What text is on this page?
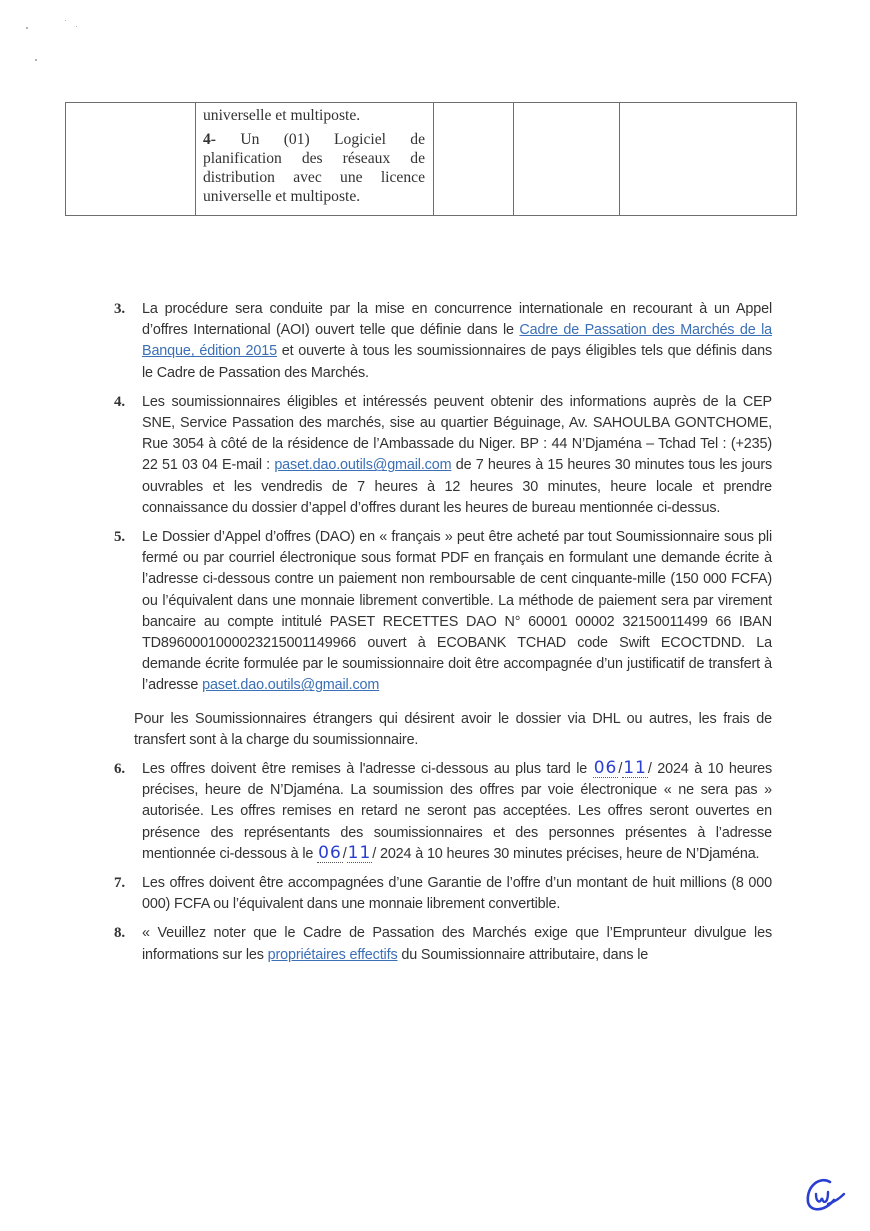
universelle et multiposte.

4- Un (01) Logiciel de planification des réseaux de distribution avec une licence universelle et multiposte.

3. La procédure sera conduite par la mise en concurrence internationale en recourant à un Appel d’offres International (AOI) ouvert telle que définie dans le Cadre de Passation des Marchés de la Banque, édition 2015 et ouverte à tous les soumissionnaires de pays éligibles tels que définis dans le Cadre de Passation des Marchés.
4. Les soumissionnaires éligibles et intéressés peuvent obtenir des informations auprès de la CEP SNE, Service Passation des marchés, sise au quartier Béguinage, Av. SAHOULBA GONTCHOME, Rue 3054 à côté de la résidence de l’Ambassade du Niger. BP : 44 N’Djaména – Tchad Tel : (+235) 22 51 03 04 E-mail : paset.dao.outils@gmail.com de 7 heures à 15 heures 30 minutes tous les jours ouvrables et les vendredis de 7 heures à 12 heures 30 minutes, heure locale et prendre connaissance du dossier d’appel d’offres durant les heures de bureau mentionnée ci-dessus.
5. Le Dossier d’Appel d’offres (DAO) en « français » peut être acheté par tout Soumissionnaire sous pli fermé ou par courriel électronique sous format PDF en français en formulant une demande écrite à l’adresse ci-dessous contre un paiement non remboursable de cent cinquante-mille (150 000 FCFA) ou l’équivalent dans une monnaie librement convertible. La méthode de paiement sera par virement bancaire au compte intitulé PASET RECETTES DAO N° 60001 00002 32150011499 66 IBAN TD8960001000023215001149966 ouvert à ECOBANK TCHAD code Swift ECOCTDND. La demande écrite formulée par le soumissionnaire doit être accompagnée d’un justificatif de transfert à l’adresse paset.dao.outils@gmail.com
Pour les Soumissionnaires étrangers qui désirent avoir le dossier via DHL ou autres, les frais de transfert sont à la charge du soumissionnaire.
6. Les offres doivent être remises à l'adresse ci-dessous au plus tard le 06/11/ 2024 à 10 heures précises, heure de N’Djaména. La soumission des offres par voie électronique « ne sera pas » autorisée. Les offres remises en retard ne seront pas acceptées. Les offres seront ouvertes en présence des représentants des soumissionnaires et des personnes présentes à l’adresse mentionnée ci-dessous à le 06/11/ 2024 à 10 heures 30 minutes précises, heure de N’Djaména.
7. Les offres doivent être accompagnées d’une Garantie de l’offre d’un montant de huit millions (8 000 000) FCFA ou l’équivalent dans une monnaie librement convertible.
8. « Veuillez noter que le Cadre de Passation des Marchés exige que l’Emprunteur divulgue les informations sur les propriétaires effectifs du Soumissionnaire attributaire, dans le
